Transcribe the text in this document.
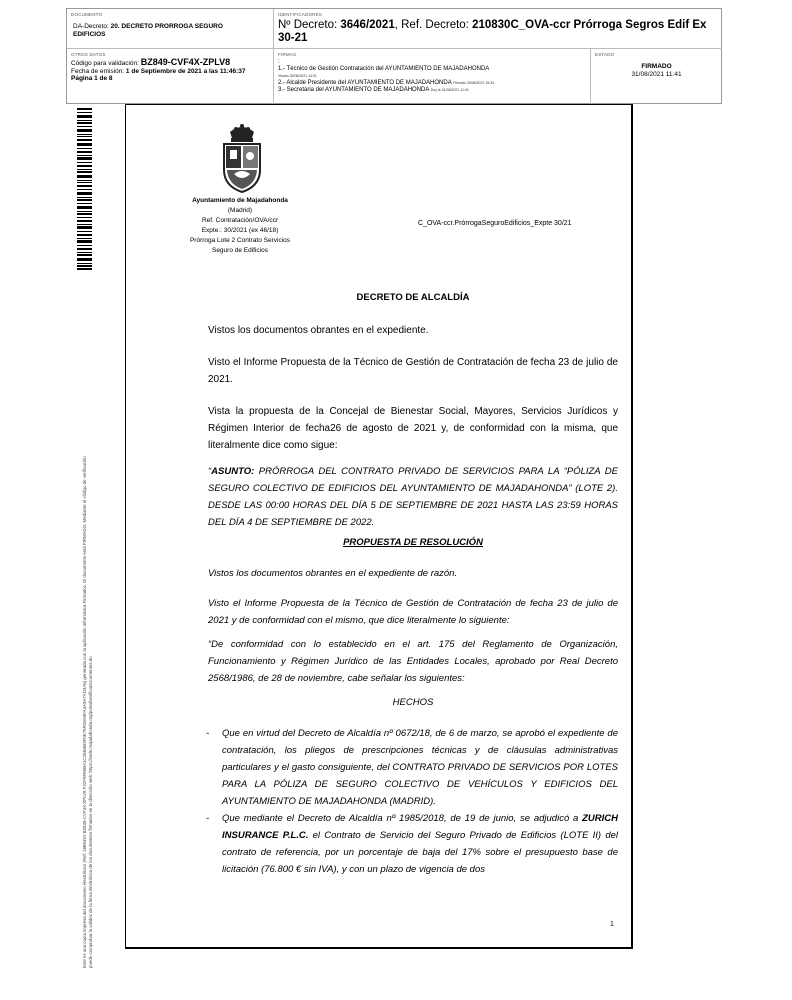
DOCUMENTO
DA-Decreto: 20. DECRETO PRORROGA SEGURO EDIFICIOS
IDENTIFICADORES
Nº Decreto: 3646/2021, Ref. Decreto: 210830C_OVA-ccr Prórroga Segros Edif Ex 30-21
OTROS DATOS
Código para validación: BZ849-CVF4X-ZPLV8
Fecha de emisión: 1 de Septiembre de 2021 a las 11:46:37
Página 1 de 8
FIRMAS
:
1.- Técnico de Gestión Contratación del AYUNTAMIENTO DE MAJADAHONDA
Visado 26/08/2021 14:01
2.- Alcalde Presidente del AYUNTAMIENTO DE MAJADAHONDA Firmado 30/08/2021 15:34
3.- Secretaria del AYUNTAMIENTO DE MAJADAHONDA Doy fe 31/08/2021 11:41
ESTADO
FIRMADO
31/08/2021 11:41
Este es una copia impresa del documento electrónico (Ref: 1885491 BZ849-CVF4X-ZPLV8 F22F9F85BA1C2EB3B9F0E75FD8A9FA4A9A7AD3A5) generada con la aplicación informática Firmadoc. El documento está FIRMADO. Mediante el código de verificación puede comprobar la validez de la firma electrónica de los documentos firmados en la dirección web: https://sede.majadahonda.org/portal/verificaDocumentos.do
Ayuntamiento de Majadahonda
(Madrid)
Ref. Contratación/OVA/ccr
Expte.: 30/2021 (ex 46/18)
Prórroga Lote 2 Contrato Servicios
Seguro de Edificios
C_OVA-ccr.PrórrogaSeguroEdificios_Expte 30/21
DECRETO DE ALCALDÍA
Vistos los documentos obrantes en el expediente.
Visto el Informe Propuesta de la Técnico de Gestión de Contratación de fecha 23 de julio de 2021.
Vista la propuesta de la Concejal de Bienestar Social, Mayores, Servicios Jurídicos y Régimen Interior de fecha26 de agosto de 2021 y, de conformidad con la misma, que literalmente dice como sigue:
“ASUNTO: PRÓRROGA DEL CONTRATO PRIVADO DE SERVICIOS PARA LA “PÓLIZA DE SEGURO COLECTIVO DE EDIFICIOS DEL AYUNTAMIENTO DE MAJADAHONDA” (LOTE 2). DESDE LAS 00:00 HORAS DEL DÍA 5 DE SEPTIEMBRE DE 2021 HASTA LAS 23:59 HORAS DEL DÍA 4 DE SEPTIEMBRE DE 2022.
PROPUESTA DE RESOLUCIÓN
Vistos los documentos obrantes en el expediente de razón.
Visto el Informe Propuesta de la Técnico de Gestión de Contratación de fecha 23 de julio de 2021 y de conformidad con el mismo, que dice literalmente lo siguiente:
“De conformidad con lo establecido en el art. 175 del Reglamento de Organización, Funcionamiento y Régimen Jurídico de las Entidades Locales, aprobado por Real Decreto 2568/1986, de 28 de noviembre, cabe señalar los siguientes:
HECHOS
- Que en virtud del Decreto de Alcaldía nº 0672/18, de 6 de marzo, se aprobó el expediente de contratación, los pliegos de prescripciones técnicas y de cláusulas administrativas particulares y el gasto consiguiente, del CONTRATO PRIVADO DE SERVICIOS POR LOTES PARA LA PÓLIZA DE SEGURO COLECTIVO DE VEHÍCULOS Y EDIFICIOS DEL AYUNTAMIENTO DE MAJADAHONDA (MADRID).
- Que mediante el Decreto de Alcaldía nº 1985/2018, de 19 de junio, se adjudicó a ZURICH INSURANCE P.L.C. el Contrato de Servicio del Seguro Privado de Edificios (LOTE II) del contrato de referencia, por un porcentaje de baja del 17% sobre el presupuesto base de licitación (76.800 € sin IVA), y con un plazo de vigencia de dos
1
